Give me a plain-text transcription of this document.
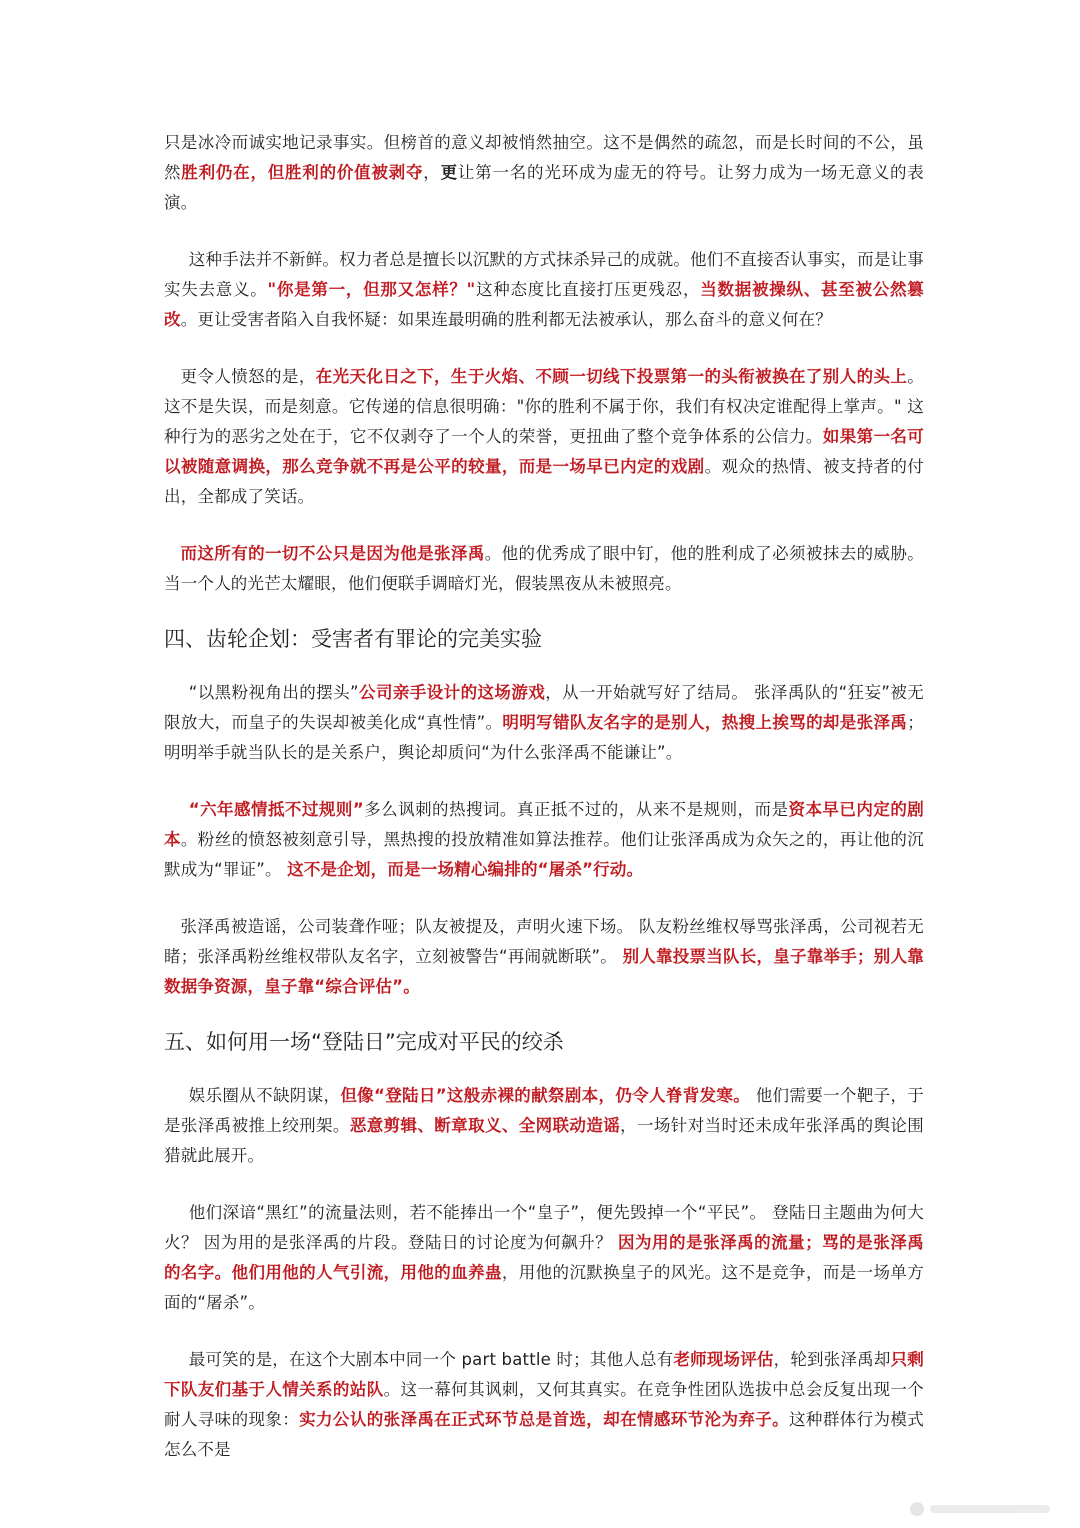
只是冰冷而诚实地记录事实。但榜首的意义却被悄然抽空。这不是偶然的疏忽，而是长时间的不公，虽然胜利仍在，但胜利的价值被剥夺，更让第一名的光环成为虚无的符号。让努力成为一场无意义的表演。

这种手法并不新鲜。权力者总是擅长以沉默的方式抹杀异己的成就。他们不直接否认事实，而是让事实失去意义。"你是第一，但那又怎样？"这种态度比直接打压更残忍，当数据被操纵、甚至被公然篡改。更让受害者陷入自我怀疑：如果连最明确的胜利都无法被承认，那么奋斗的意义何在？

更令人愤怒的是，在光天化日之下，生于火焰、不顾一切线下投票第一的头衔被换在了别人的头上。这不是失误，而是刻意。它传递的信息很明确："你的胜利不属于你，我们有权决定谁配得上掌声。" 这种行为的恶劣之处在于，它不仅剥夺了一个人的荣誉，更扭曲了整个竞争体系的公信力。如果第一名可以被随意调换，那么竞争就不再是公平的较量，而是一场早已内定的戏剧。观众的热情、被支持者的付出，全都成了笑话。

而这所有的一切不公只是因为他是张泽禹。他的优秀成了眼中钉，他的胜利成了必须被抹去的威胁。当一个人的光芒太耀眼，他们便联手调暗灯光，假装黑夜从未被照亮。

四、齿轮企划：受害者有罪论的完美实验

“以黑粉视角出的摆头”公司亲手设计的这场游戏，从一开始就写好了结局。 张泽禹队的“狂妄”被无限放大，而皇子的失误却被美化成“真性情”。明明写错队友名字的是别人，热搜上挨骂的却是张泽禹；明明举手就当队长的是关系户，舆论却质问“为什么张泽禹不能谦让”。

“六年感情抵不过规则”多么讽刺的热搜词。真正抵不过的，从来不是规则，而是资本早已内定的剧本。粉丝的愤怒被刻意引导，黑热搜的投放精准如算法推荐。他们让张泽禹成为众矢之的，再让他的沉默成为“罪证”。 这不是企划，而是一场精心编排的“屠杀”行动。

张泽禹被造谣，公司装聋作哑；队友被提及，声明火速下场。 队友粉丝维权辱骂张泽禹，公司视若无睹；张泽禹粉丝维权带队友名字，立刻被警告“再闹就断联”。 别人靠投票当队长，皇子靠举手；别人靠数据争资源，皇子靠“综合评估”。

五、如何用一场“登陆日”完成对平民的绞杀

娱乐圈从不缺阴谋，但像“登陆日”这般赤裸的献祭剧本，仍令人脊背发寒。 他们需要一个靶子，于是张泽禹被推上绞刑架。恶意剪辑、断章取义、全网联动造谣，一场针对当时还未成年张泽禹的舆论围猎就此展开。

他们深谙“黑红”的流量法则，若不能捧出一个“皇子”，便先毁掉一个“平民”。 登陆日主题曲为何大火？ 因为用的是张泽禹的片段。登陆日的讨论度为何飙升？ 因为用的是张泽禹的流量；骂的是张泽禹的名字。他们用他的人气引流，用他的血养蛊，用他的沉默换皇子的风光。这不是竞争，而是一场单方面的“屠杀”。

最可笑的是，在这个大剧本中同一个 part battle 时；其他人总有老师现场评估，轮到张泽禹却只剩下队友们基于人情关系的站队。这一幕何其讽刺，又何其真实。在竞争性团队选拔中总会反复出现一个耐人寻味的现象：实力公认的张泽禹在正式环节总是首选，却在情感环节沦为弃子。这种群体行为模式怎么不是
